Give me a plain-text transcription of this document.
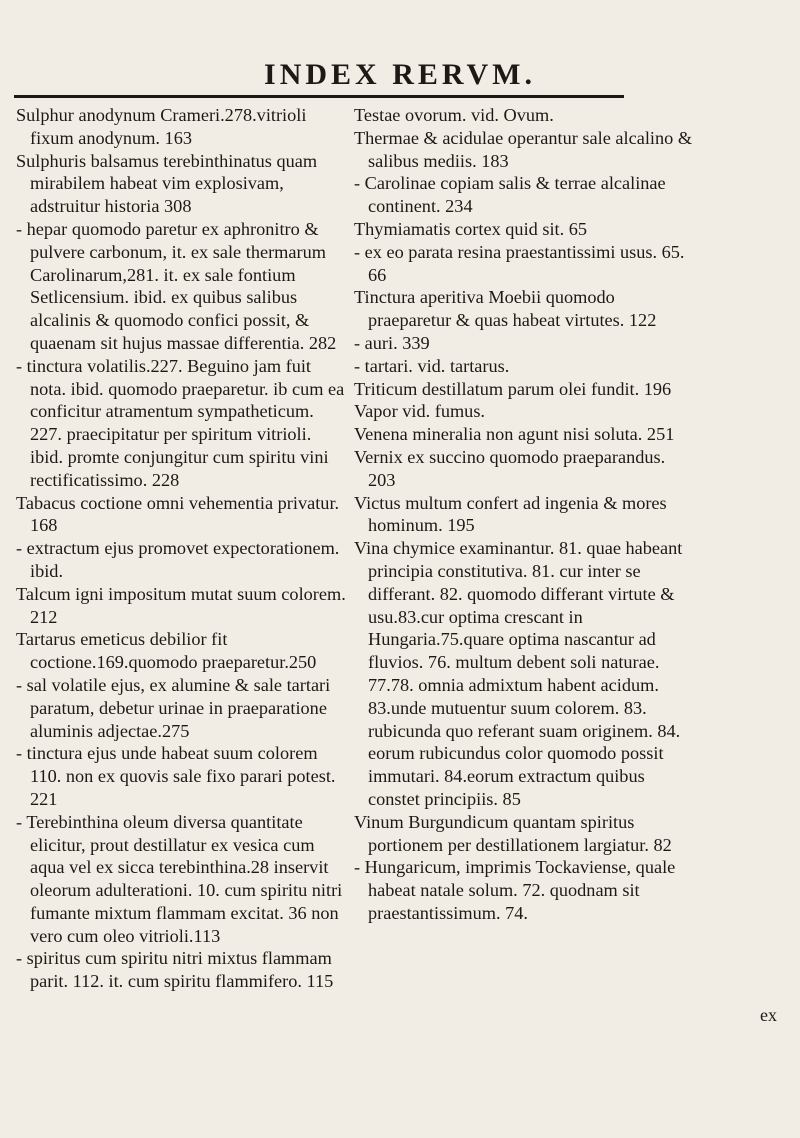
INDEX RERVM.
Sulphur anodynum Crameri.278.vitrioli fixum anodynum. 163
Sulphuris balsamus terebinthinatus quam mirabilem habeat vim explosivam, adstruitur historia 308
- hepar quomodo paretur ex aphronitro & pulvere carbonum, it. ex sale thermarum Carolinarum,281. it. ex sale fontium Setlicensium. ibid. ex quibus salibus alcalinis & quomodo confici possit, & quaenam sit hujus massae differentia. 282
- tinctura volatilis.227. Beguino jam fuit nota. ibid. quomodo praeparetur. ib cum ea conficitur atramentum sympatheticum. 227. praecipitatur per spiritum vitrioli. ibid. promte conjungitur cum spiritu vini rectificatissimo. 228
Tabacus coctione omni vehementia privatur. 168
- extractum ejus promovet expectorationem. ibid.
Talcum igni impositum mutat suum colorem. 212
Tartarus emeticus debilior fit coctione.169.quomodo praeparetur.250
- sal volatile ejus, ex alumine & sale tartari paratum, debetur urinae in praeparatione aluminis adjectae.275
- tinctura ejus unde habeat suum colorem 110. non ex quovis sale fixo parari potest. 221
- Terebinthina oleum diversa quantitate elicitur, prout destillatur ex vesica cum aqua vel ex sicca terebinthina.28 inservit oleorum adulterationi. 10. cum spiritu nitri fumante mixtum flammam excitat. 36 non vero cum oleo vitrioli.113
- spiritus cum spiritu nitri mixtus flammam parit. 112. it. cum spiritu flammifero. 115
Testae ovorum. vid. Ovum.
Thermae & acidulae operantur sale alcalino & salibus mediis. 183
- Carolinae copiam salis & terrae alcalinae continent. 234
Thymiamatis cortex quid sit. 65
- ex eo parata resina praestantissimi usus. 65. 66
Tinctura aperitiva Moebii quomodo praeparetur & quas habeat virtutes. 122
- auri. 339
- tartari. vid. tartarus.
Triticum destillatum parum olei fundit. 196
Vapor vid. fumus.
Venena mineralia non agunt nisi soluta. 251
Vernix ex succino quomodo praeparandus. 203
Victus multum confert ad ingenia & mores hominum. 195
Vina chymice examinantur. 81. quae habeant principia constitutiva. 81. cur inter se differant. 82. quomodo differant virtute & usu.83.cur optima crescant in Hungaria.75.quare optima nascantur ad fluvios. 76. multum debent soli naturae. 77.78. omnia admixtum habent acidum. 83.unde mutuentur suum colorem. 83. rubicunda quo referant suam originem. 84. eorum rubicundus color quomodo possit immutari. 84.eorum extractum quibus constet principiis. 85
Vinum Burgundicum quantam spiritus portionem per destillationem largiatur. 82
- Hungaricum, imprimis Tockaviense, quale habeat natale solum. 72. quodnam sit praestantissimum. 74.
ex
